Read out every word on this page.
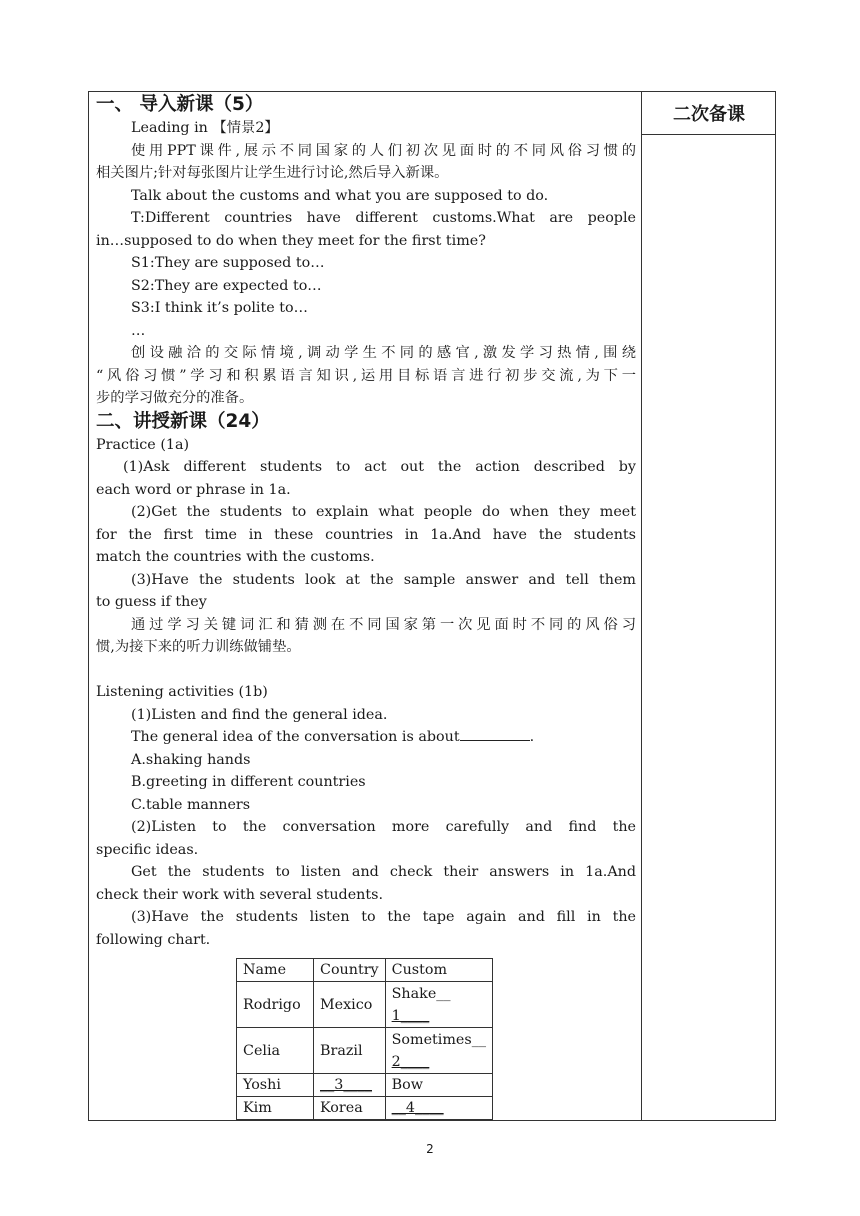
二次备课
一、 导入新课（5）
Leading in 【情景2】
使用PPT课件,展示不同国家的人们初次见面时的不同风俗习惯的
相关图片;针对每张图片让学生进行讨论,然后导入新课。
Talk about the customs and what you are supposed to do.
T:Different countries have different customs.What are people
in…supposed to do when they meet for the first time?
S1:They are supposed to…
S2:They are expected to…
S3:I think it’s polite to…
…
创设融洽的交际情境,调动学生不同的感官,激发学习热情,围绕
“风俗习惯”学习和积累语言知识,运用目标语言进行初步交流,为下一
步的学习做充分的准备。
二、讲授新课（24）
Practice (1a)
(1)Ask different students to act out the action described by
each word or phrase in 1a.
(2)Get the students to explain what people do when they meet
for the first time in these countries in 1a.And have the students
match the countries with the customs.
(3)Have the students look at the sample answer and tell them
to guess if they
通过学习关键词汇和猜测在不同国家第一次见面时不同的风俗习
惯,为接下来的听力训练做铺垫。
Listening activities (1b)
(1)Listen and find the general idea.
The general idea of the conversation is about	.
A.shaking hands
B.greeting in different countries
C.table manners
(2)Listen to the conversation more carefully and find the
specific ideas.
Get the students to listen and check their answers in 1a.And
check their work with several students.
(3)Have the students listen to the tape again and fill in the
following chart.
Name	Country	Custom
Rodrigo	Mexico	Shake__
1____

Celia	Brazil	Sometimes__
2____

Yoshi	__3____	Bow
Kim	Korea	__4____
2
